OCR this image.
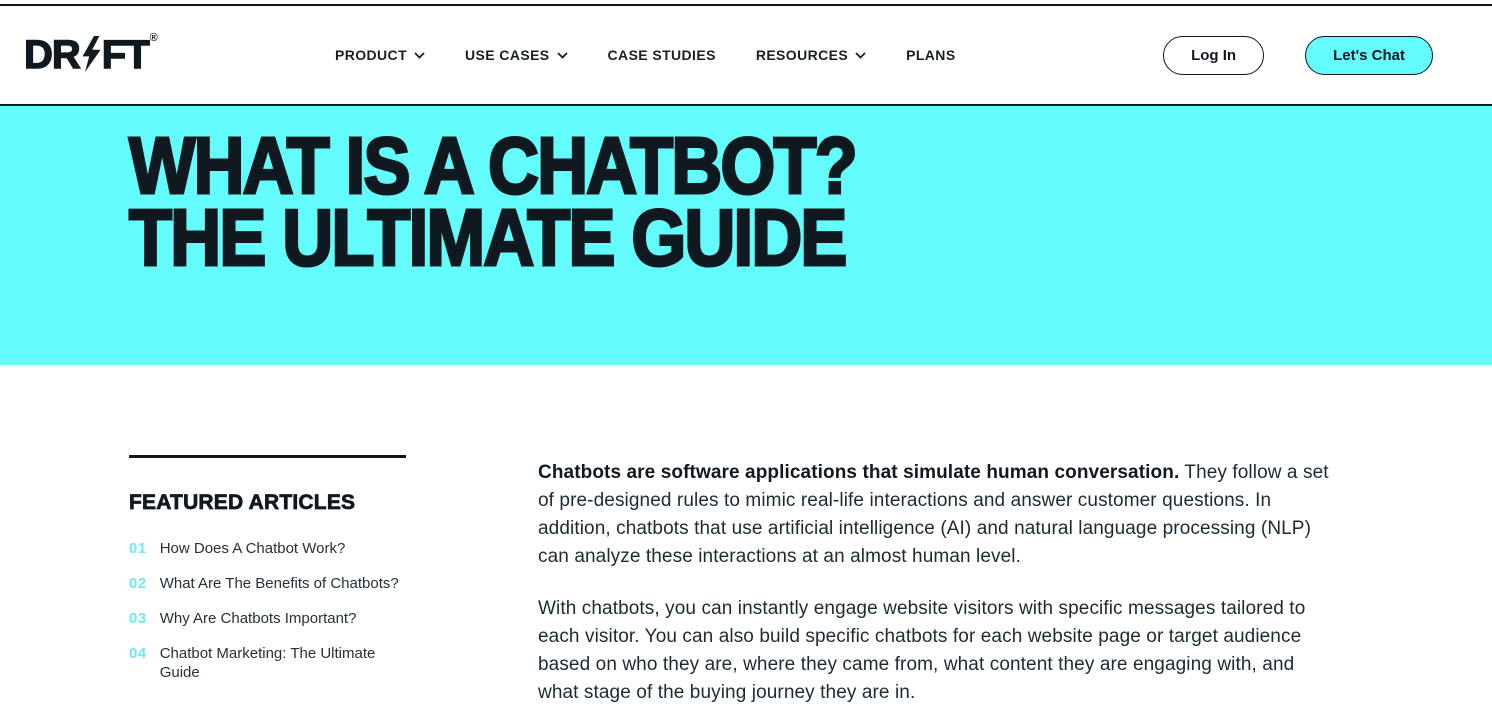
DR FT®
PRODUCT	USE CASES	CASE STUDIES	RESOURCES	PLANS	Log In	Let's Chat
WHAT IS A CHATBOT?
THE ULTIMATE GUIDE
FEATURED ARTICLES
01 How Does A Chatbot Work?
02 What Are The Benefits of Chatbots?
03 Why Are Chatbots Important?
04 Chatbot Marketing: The Ultimate Guide

Chatbots are software applications that simulate human conversation. They follow a set of pre-designed rules to mimic real-life interactions and answer customer questions. In addition, chatbots that use artificial intelligence (AI) and natural language processing (NLP) can analyze these interactions at an almost human level.

With chatbots, you can instantly engage website visitors with specific messages tailored to each visitor. You can also build specific chatbots for each website page or target audience based on who they are, where they came from, what content they are engaging with, and what stage of the buying journey they are in.
